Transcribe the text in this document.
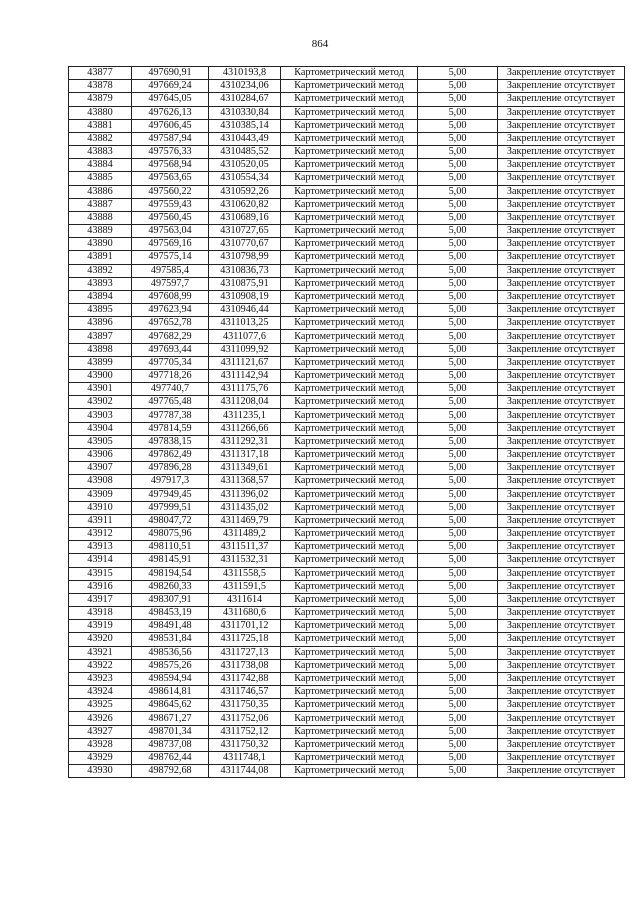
864
43877	497690,91	4310193,8	Картометрический метод	5,00	Закрепление отсутствует
43878	497669,24	4310234,06	Картометрический метод	5,00	Закрепление отсутствует
43879	497645,05	4310284,67	Картометрический метод	5,00	Закрепление отсутствует
43880	497626,13	4310330,84	Картометрический метод	5,00	Закрепление отсутствует
43881	497606,45	4310385,14	Картометрический метод	5,00	Закрепление отсутствует
43882	497587,94	4310443,49	Картометрический метод	5,00	Закрепление отсутствует
43883	497576,33	4310485,52	Картометрический метод	5,00	Закрепление отсутствует
43884	497568,94	4310520,05	Картометрический метод	5,00	Закрепление отсутствует
43885	497563,65	4310554,34	Картометрический метод	5,00	Закрепление отсутствует
43886	497560,22	4310592,26	Картометрический метод	5,00	Закрепление отсутствует
43887	497559,43	4310620,82	Картометрический метод	5,00	Закрепление отсутствует
43888	497560,45	4310689,16	Картометрический метод	5,00	Закрепление отсутствует
43889	497563,04	4310727,65	Картометрический метод	5,00	Закрепление отсутствует
43890	497569,16	4310770,67	Картометрический метод	5,00	Закрепление отсутствует
43891	497575,14	4310798,99	Картометрический метод	5,00	Закрепление отсутствует
43892	497585,4	4310836,73	Картометрический метод	5,00	Закрепление отсутствует
43893	497597,7	4310875,91	Картометрический метод	5,00	Закрепление отсутствует
43894	497608,99	4310908,19	Картометрический метод	5,00	Закрепление отсутствует
43895	497623,94	4310946,44	Картометрический метод	5,00	Закрепление отсутствует
43896	497652,78	4311013,25	Картометрический метод	5,00	Закрепление отсутствует
43897	497682,29	4311077,6	Картометрический метод	5,00	Закрепление отсутствует
43898	497693,44	4311099,92	Картометрический метод	5,00	Закрепление отсутствует
43899	497705,34	4311121,67	Картометрический метод	5,00	Закрепление отсутствует
43900	497718,26	4311142,94	Картометрический метод	5,00	Закрепление отсутствует
43901	497740,7	4311175,76	Картометрический метод	5,00	Закрепление отсутствует
43902	497765,48	4311208,04	Картометрический метод	5,00	Закрепление отсутствует
43903	497787,38	4311235,1	Картометрический метод	5,00	Закрепление отсутствует
43904	497814,59	4311266,66	Картометрический метод	5,00	Закрепление отсутствует
43905	497838,15	4311292,31	Картометрический метод	5,00	Закрепление отсутствует
43906	497862,49	4311317,18	Картометрический метод	5,00	Закрепление отсутствует
43907	497896,28	4311349,61	Картометрический метод	5,00	Закрепление отсутствует
43908	497917,3	4311368,57	Картометрический метод	5,00	Закрепление отсутствует
43909	497949,45	4311396,02	Картометрический метод	5,00	Закрепление отсутствует
43910	497999,51	4311435,02	Картометрический метод	5,00	Закрепление отсутствует
43911	498047,72	4311469,79	Картометрический метод	5,00	Закрепление отсутствует
43912	498075,96	4311489,2	Картометрический метод	5,00	Закрепление отсутствует
43913	498110,51	4311511,37	Картометрический метод	5,00	Закрепление отсутствует
43914	498145,91	4311532,31	Картометрический метод	5,00	Закрепление отсутствует
43915	498194,54	4311558,5	Картометрический метод	5,00	Закрепление отсутствует
43916	498260,33	4311591,5	Картометрический метод	5,00	Закрепление отсутствует
43917	498307,91	4311614	Картометрический метод	5,00	Закрепление отсутствует
43918	498453,19	4311680,6	Картометрический метод	5,00	Закрепление отсутствует
43919	498491,48	4311701,12	Картометрический метод	5,00	Закрепление отсутствует
43920	498531,84	4311725,18	Картометрический метод	5,00	Закрепление отсутствует
43921	498536,56	4311727,13	Картометрический метод	5,00	Закрепление отсутствует
43922	498575,26	4311738,08	Картометрический метод	5,00	Закрепление отсутствует
43923	498594,94	4311742,88	Картометрический метод	5,00	Закрепление отсутствует
43924	498614,81	4311746,57	Картометрический метод	5,00	Закрепление отсутствует
43925	498645,62	4311750,35	Картометрический метод	5,00	Закрепление отсутствует
43926	498671,27	4311752,06	Картометрический метод	5,00	Закрепление отсутствует
43927	498701,34	4311752,12	Картометрический метод	5,00	Закрепление отсутствует
43928	498737,08	4311750,32	Картометрический метод	5,00	Закрепление отсутствует
43929	498762,44	4311748,1	Картометрический метод	5,00	Закрепление отсутствует
43930	498792,68	4311744,08	Картометрический метод	5,00	Закрепление отсутствует
